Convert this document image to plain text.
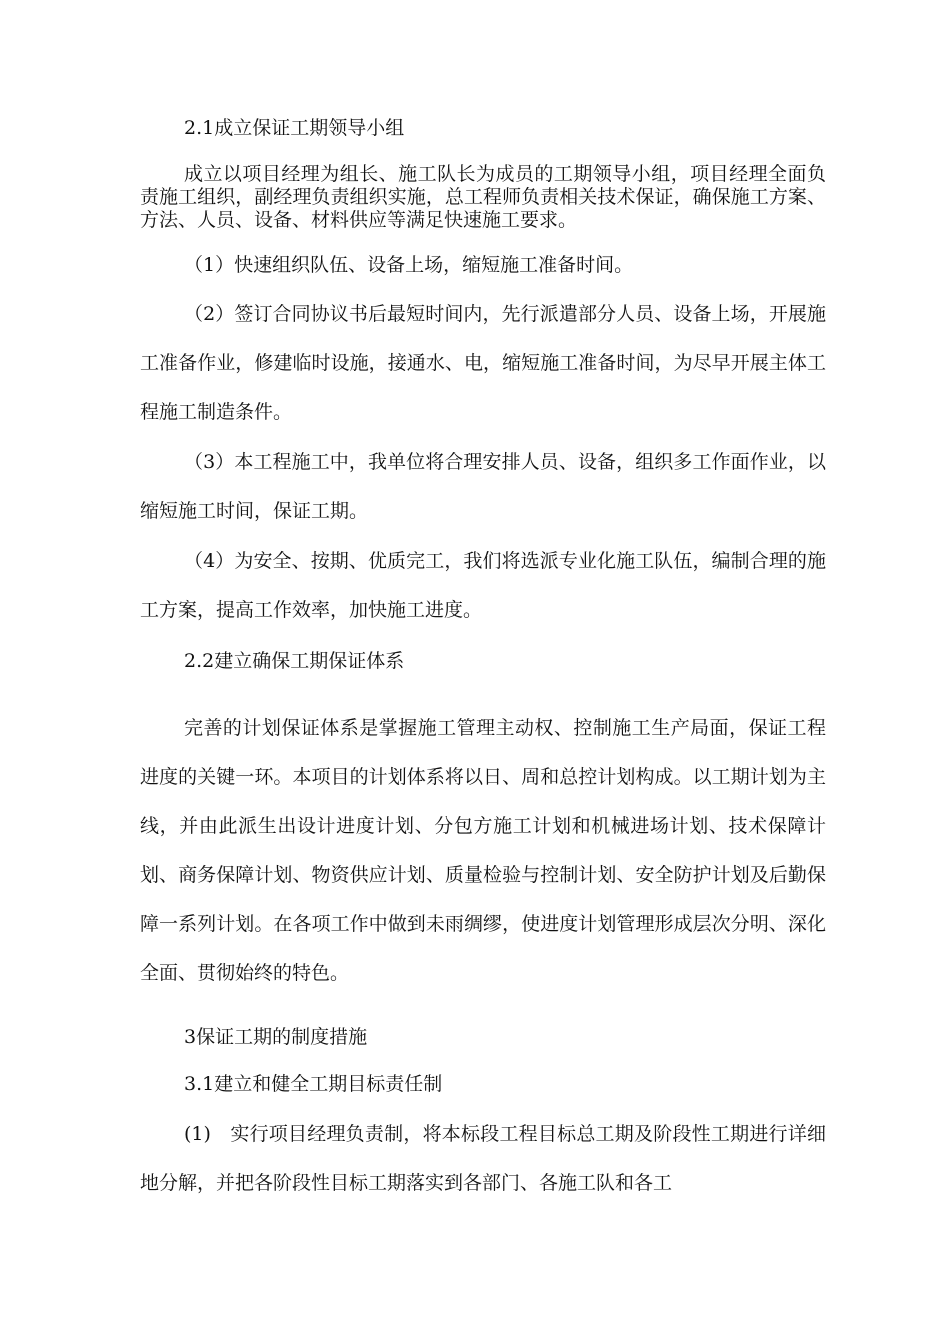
2.1成立保证工期领导小组

成立以项目经理为组长、施工队长为成员的工期领导小组，项目经理全面负责施工组织，副经理负责组织实施，总工程师负责相关技术保证，确保施工方案、方法、人员、设备、材料供应等满足快速施工要求。

（1）快速组织队伍、设备上场，缩短施工准备时间。

（2）签订合同协议书后最短时间内，先行派遣部分人员、设备上场，开展施工准备作业，修建临时设施，接通水、电，缩短施工准备时间，为尽早开展主体工程施工制造条件。

（3）本工程施工中，我单位将合理安排人员、设备，组织多工作面作业，以缩短施工时间，保证工期。

（4）为安全、按期、优质完工，我们将选派专业化施工队伍，编制合理的施工方案，提高工作效率，加快施工进度。

2.2建立确保工期保证体系

完善的计划保证体系是掌握施工管理主动权、控制施工生产局面，保证工程进度的关键一环。本项目的计划体系将以日、周和总控计划构成。以工期计划为主线，并由此派生出设计进度计划、分包方施工计划和机械进场计划、技术保障计划、商务保障计划、物资供应计划、质量检验与控制计划、安全防护计划及后勤保障一系列计划。在各项工作中做到未雨绸缪，使进度计划管理形成层次分明、深化全面、贯彻始终的特色。

3保证工期的制度措施

3.1建立和健全工期目标责任制

(1)　实行项目经理负责制，将本标段工程目标总工期及阶段性工期进行详细地分解，并把各阶段性目标工期落实到各部门、各施工队和各工
